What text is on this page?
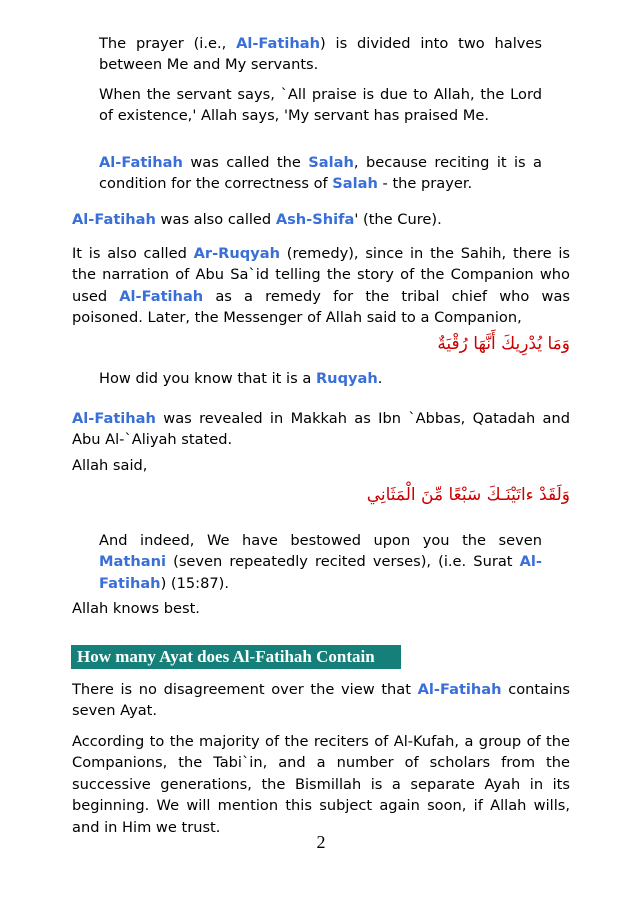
The prayer (i.e., Al-Fatihah) is divided into two halves between Me and My servants.

When the servant says, `All praise is due to Allah, the Lord of existence,' Allah says, 'My servant has praised Me.

Al-Fatihah was called the Salah, because reciting it is a condition for the correctness of Salah - the prayer.

Al-Fatihah was also called Ash-Shifa' (the Cure).

It is also called Ar-Ruqyah (remedy), since in the Sahih, there is the narration of Abu Sa`id telling the story of the Companion who used Al-Fatihah as a remedy for the tribal chief who was poisoned. Later, the Messenger of Allah said to a Companion,

وَمَا يُدْرِيكَ أَنَّهَا رُقْيَةٌ

How did you know that it is a Ruqyah.

Al-Fatihah was revealed in Makkah as Ibn `Abbas, Qatadah and Abu Al-`Aliyah stated.

Allah said,

وَلَقَدْ ءاتَيْنَـكَ سَبْعًا مِّنَ الْمَثَانِي

And indeed, We have bestowed upon you the seven Mathani (seven repeatedly recited verses), (i.e. Surat Al-Fatihah) (15:87).

Allah knows best.

How many Ayat does Al-Fatihah Contain

There is no disagreement over the view that Al-Fatihah contains seven Ayat.

According to the majority of the reciters of Al-Kufah, a group of the Companions, the Tabi`in, and a number of scholars from the successive generations, the Bismillah is a separate Ayah in its beginning. We will mention this subject again soon, if Allah wills, and in Him we trust.

2
